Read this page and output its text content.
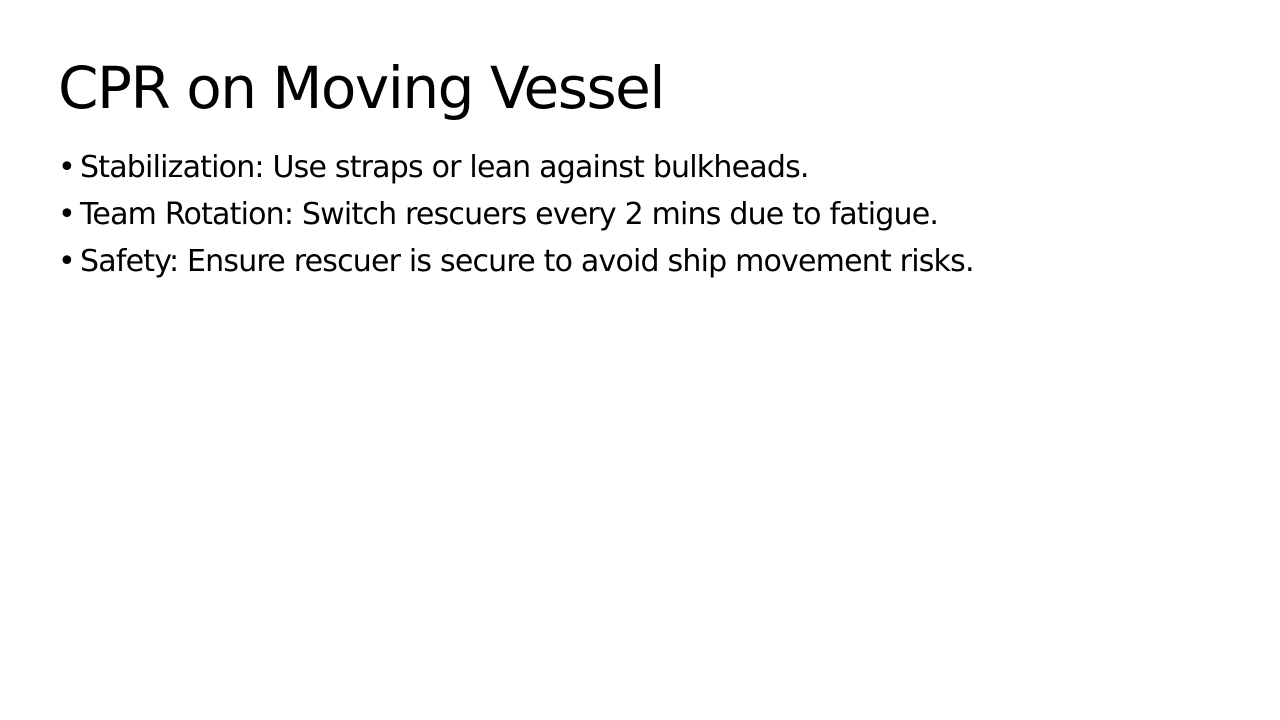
CPR on Moving Vessel
• Stabilization: Use straps or lean against bulkheads.
• Team Rotation: Switch rescuers every 2 mins due to fatigue.
• Safety: Ensure rescuer is secure to avoid ship movement risks.
